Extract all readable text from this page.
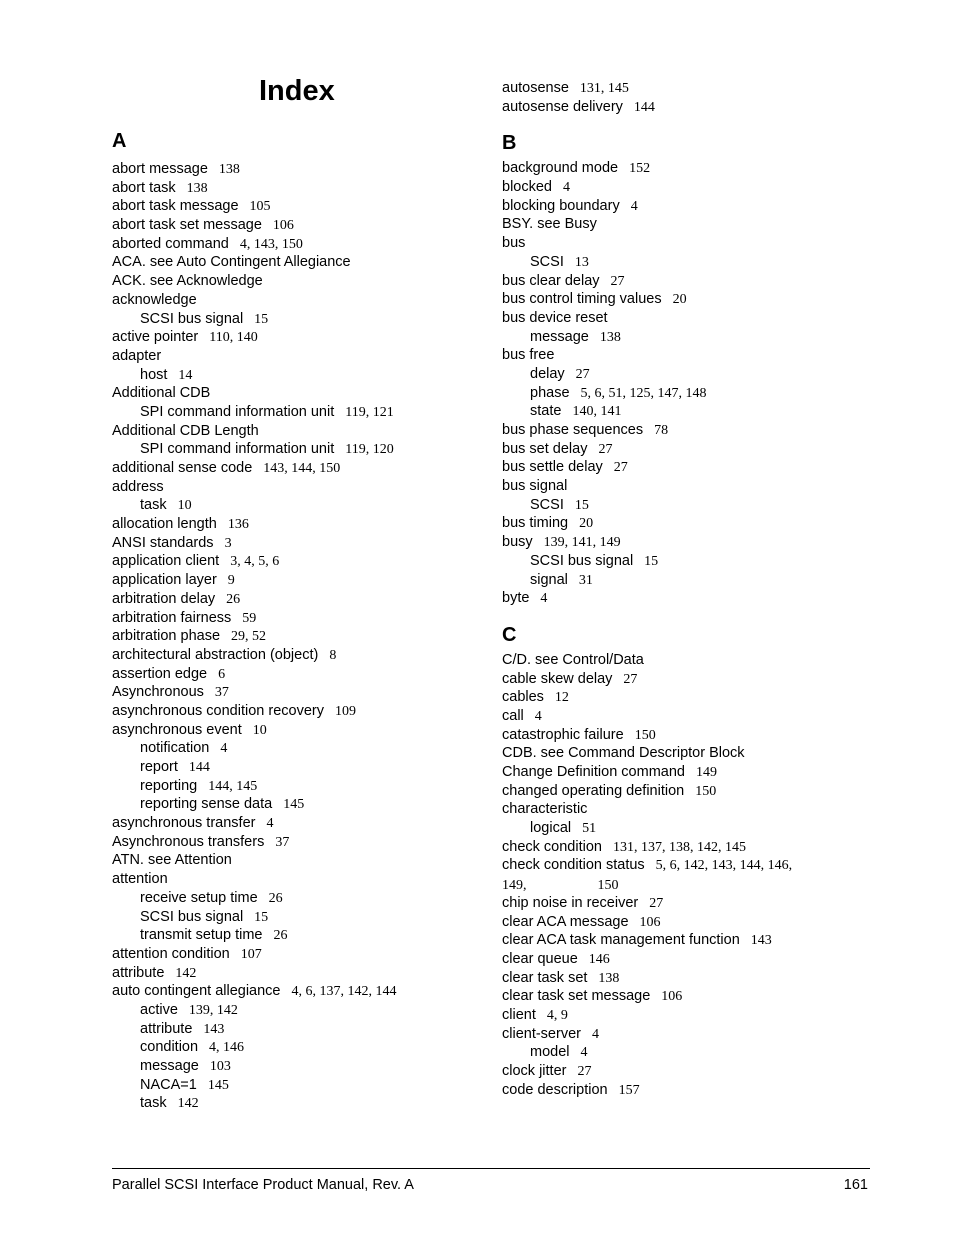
Index
A
abort message 138
abort task 138
abort task message 105
abort task set message 106
aborted command 4, 143, 150
ACA. see Auto Contingent Allegiance
ACK. see Acknowledge
acknowledge
SCSI bus signal 15
active pointer 110, 140
adapter
host 14
Additional CDB
SPI command information unit 119, 121
Additional CDB Length
SPI command information unit 119, 120
additional sense code 143, 144, 150
address
task 10
allocation length 136
ANSI standards 3
application client 3, 4, 5, 6
application layer 9
arbitration delay 26
arbitration fairness 59
arbitration phase 29, 52
architectural abstraction (object) 8
assertion edge 6
Asynchronous 37
asynchronous condition recovery 109
asynchronous event 10
notification 4
report 144
reporting 144, 145
reporting sense data 145
asynchronous transfer 4
Asynchronous transfers 37
ATN. see Attention
attention
receive setup time 26
SCSI bus signal 15
transmit setup time 26
attention condition 107
attribute 142
auto contingent allegiance 4, 6, 137, 142, 144
active 139, 142
attribute 143
condition 4, 146
message 103
NACA=1 145
task 142
autosense 131, 145
autosense delivery 144
B
background mode 152
blocked 4
blocking boundary 4
BSY. see Busy
bus
SCSI 13
bus clear delay 27
bus control timing values 20
bus device reset
message 138
bus free
delay 27
phase 5, 6, 51, 125, 147, 148
state 140, 141
bus phase sequences 78
bus set delay 27
bus settle delay 27
bus signal
SCSI 15
bus timing 20
busy 139, 141, 149
SCSI bus signal 15
signal 31
byte 4
C
C/D. see Control/Data
cable skew delay 27
cables 12
call 4
catastrophic failure 150
CDB. see Command Descriptor Block
Change Definition command 149
changed operating definition 150
characteristic
logical 51
check condition 131, 137, 138, 142, 145
check condition status 5, 6, 142, 143, 144, 146, 149,	150
chip noise in receiver 27
clear ACA message 106
clear ACA task management function 143
clear queue 146
clear task set 138
clear task set message 106
client 4, 9
client-server 4
model 4
clock jitter 27
code description 157
Parallel SCSI Interface Product Manual, Rev. A	161
